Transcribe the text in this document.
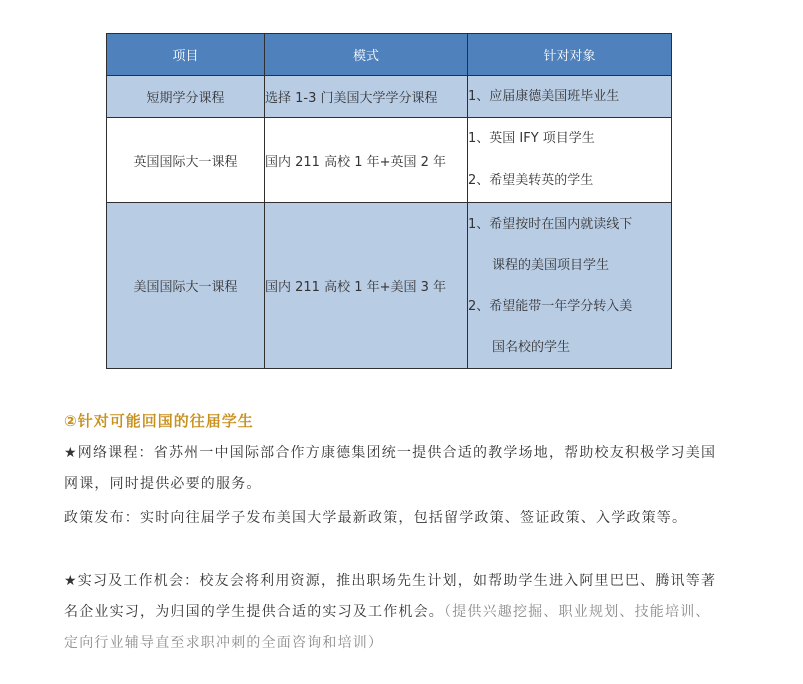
项目	模式	针对对象
短期学分课程	选择 1-3 门美国大学学分课程	1、应届康德美国班毕业生

英国国际大一课程	国内 211 高校 1 年+英国 2 年	1、英国 IFY 项目学生
2、希望美转英的学生

美国国际大一课程	国内 211 高校 1 年+美国 3 年	1、希望按时在国内就读线下
课程的美国项目学生
2、希望能带一年学分转入美
国名校的学生
②针对可能回国的往届学生
★网络课程：省苏州一中国际部合作方康德集团统一提供合适的教学场地，帮助校友积极学习美国网课，同时提供必要的服务。
政策发布：实时向往届学子发布美国大学最新政策，包括留学政策、签证政策、入学政策等。
★实习及工作机会：校友会将利用资源，推出职场先生计划，如帮助学生进入阿里巴巴、腾讯等著名企业实习，为归国的学生提供合适的实习及工作机会。（提供兴趣挖掘、职业规划、技能培训、定向行业辅导直至求职冲刺的全面咨询和培训）
